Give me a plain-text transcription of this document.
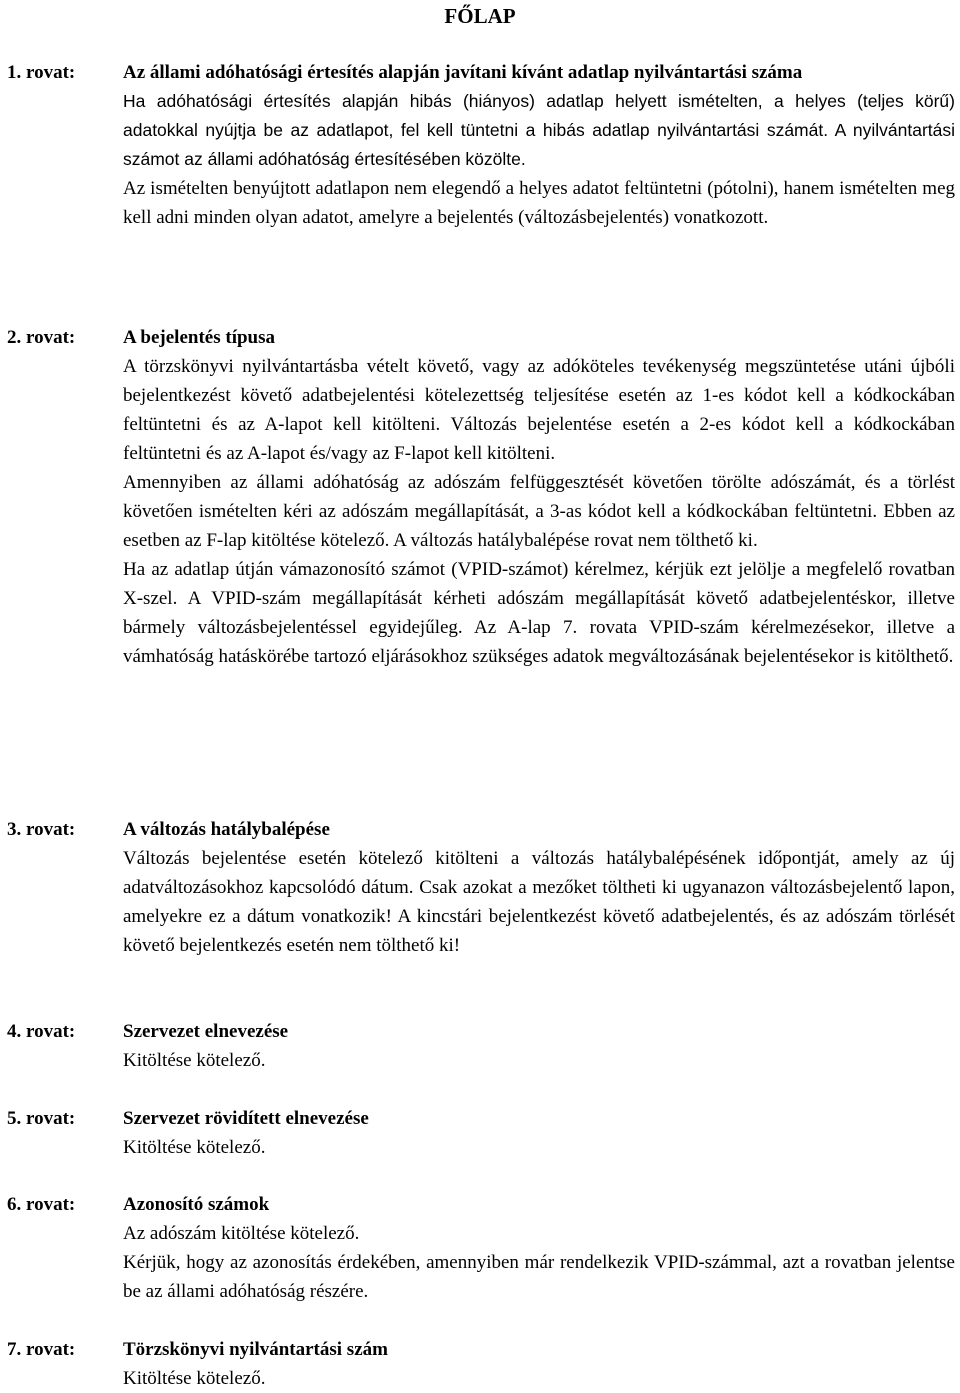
FŐLAP
1. rovat:	Az állami adóhatósági értesítés alapján javítani kívánt adatlap nyilvántartási száma
Ha adóhatósági értesítés alapján hibás (hiányos) adatlap helyett ismételten, a helyes (teljes körű) adatokkal nyújtja be az adatlapot, fel kell tüntetni a hibás adatlap nyilvántartási számát. A nyilvántartási számot az állami adóhatóság értesítésében közölte.
Az ismételten benyújtott adatlapon nem elegendő a helyes adatot feltüntetni (pótolni), hanem ismételten meg kell adni minden olyan adatot, amelyre a bejelentés (változásbejelentés) vonatkozott.
2. rovat:	A bejelentés típusa
A törzskönyvi nyilvántartásba vételt követő, vagy az adóköteles tevékenység megszüntetése utáni újbóli bejelentkezést követő adatbejelentési kötelezettség teljesítése esetén az 1-es kódot kell a kódkockában feltüntetni és az A-lapot kell kitölteni. Változás bejelentése esetén a 2-es kódot kell a kódkockában feltüntetni és az A-lapot és/vagy az F-lapot kell kitölteni.
Amennyiben az állami adóhatóság az adószám felfüggesztését követően törölte adószámát, és a törlést követően ismételten kéri az adószám megállapítását, a 3-as kódot kell a kódkockában feltüntetni. Ebben az esetben az F-lap kitöltése kötelező. A változás hatálybalépése rovat nem tölthető ki.
Ha az adatlap útján vámazonosító számot (VPID-számot) kérelmez, kérjük ezt jelölje a megfelelő rovatban X-szel. A VPID-szám megállapítását kérheti adószám megállapítását követő adatbejelentéskor, illetve bármely változásbejelentéssel egyidejűleg. Az A-lap 7. rovata VPID-szám kérelmezésekor, illetve a vámhatóság hatáskörébe tartozó eljárásokhoz szükséges adatok megváltozásának bejelentésekor is kitölthető.
3. rovat:	A változás hatálybalépése
Változás bejelentése esetén kötelező kitölteni a változás hatálybalépésének időpontját, amely az új adatváltozásokhoz kapcsolódó dátum. Csak azokat a mezőket töltheti ki ugyanazon változásbejelentő lapon, amelyekre ez a dátum vonatkozik! A kincstári bejelentkezést követő adatbejelentés, és az adószám törlését követő bejelentkezés esetén nem tölthető ki!
4. rovat:	Szervezet elnevezése
Kitöltése kötelező.
5. rovat:	Szervezet rövidített elnevezése
Kitöltése kötelező.
6. rovat:	Azonosító számok
Az adószám kitöltése kötelező.
Kérjük, hogy az azonosítás érdekében, amennyiben már rendelkezik VPID-számmal, azt a rovatban jelentse be az állami adóhatóság részére.
7. rovat:	Törzskönyvi nyilvántartási szám
Kitöltése kötelező.
